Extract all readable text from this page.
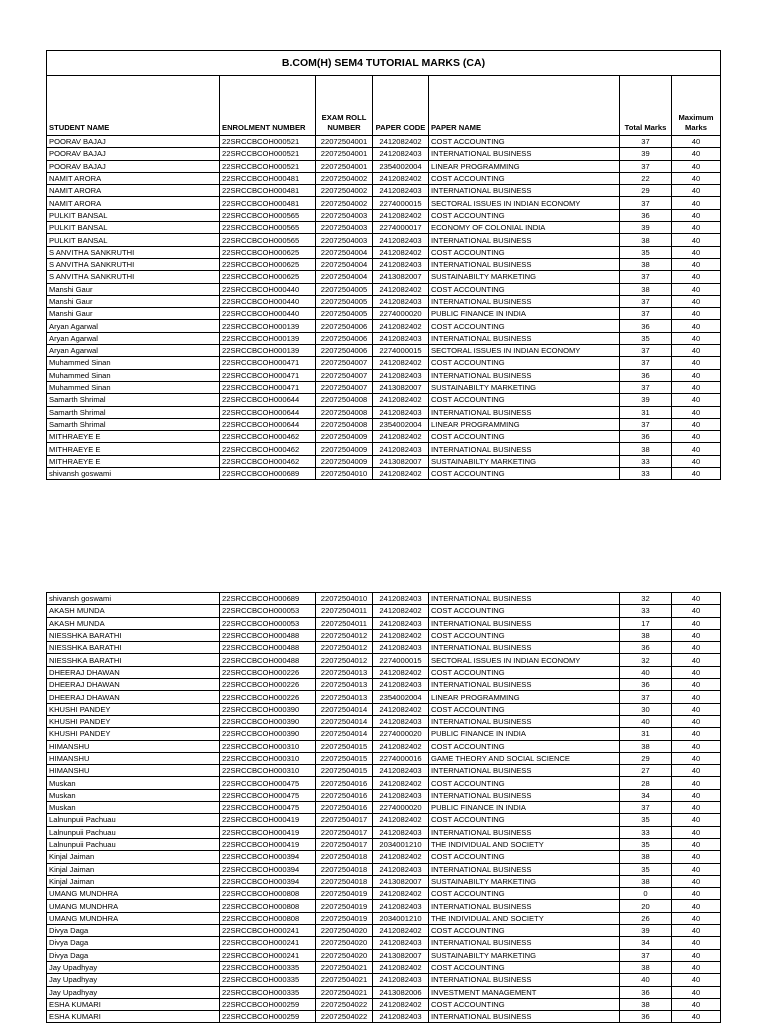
B.COM(H) SEM4 TUTORIAL MARKS (CA)						
STUDENT NAME	ENROLMENT NUMBER	EXAM ROLL NUMBER	PAPER CODE	PAPER NAME	Total Marks	Maximum Marks
POORAV BAJAJ	22SRCCBCOH000521	22072504001	2412082402	COST ACCOUNTING	37	40
POORAV BAJAJ	22SRCCBCOH000521	22072504001	2412082403	INTERNATIONAL BUSINESS	39	40
POORAV BAJAJ	22SRCCBCOH000521	22072504001	2354002004	LINEAR PROGRAMMING	37	40
NAMIT ARORA	22SRCCBCOH000481	22072504002	2412082402	COST ACCOUNTING	22	40
NAMIT ARORA	22SRCCBCOH000481	22072504002	2412082403	INTERNATIONAL BUSINESS	29	40
NAMIT ARORA	22SRCCBCOH000481	22072504002	2274000015	SECTORAL ISSUES IN INDIAN ECONOMY	37	40
PULKIT BANSAL	22SRCCBCOH000565	22072504003	2412082402	COST ACCOUNTING	36	40
PULKIT BANSAL	22SRCCBCOH000565	22072504003	2274000017	ECONOMY OF COLONIAL INDIA	39	40
PULKIT BANSAL	22SRCCBCOH000565	22072504003	2412082403	INTERNATIONAL BUSINESS	38	40
S ANVITHA SANKRUTHI	22SRCCBCOH000625	22072504004	2412082402	COST ACCOUNTING	35	40
S ANVITHA SANKRUTHI	22SRCCBCOH000625	22072504004	2412082403	INTERNATIONAL BUSINESS	38	40
S ANVITHA SANKRUTHI	22SRCCBCOH000625	22072504004	2413082007	SUSTAINABILTY MARKETING	37	40
Manshi Gaur	22SRCCBCOH000440	22072504005	2412082402	COST ACCOUNTING	38	40
Manshi Gaur	22SRCCBCOH000440	22072504005	2412082403	INTERNATIONAL BUSINESS	37	40
Manshi Gaur	22SRCCBCOH000440	22072504005	2274000020	PUBLIC FINANCE IN INDIA	37	40
Aryan Agarwal	22SRCCBCOH000139	22072504006	2412082402	COST ACCOUNTING	36	40
Aryan Agarwal	22SRCCBCOH000139	22072504006	2412082403	INTERNATIONAL BUSINESS	35	40
Aryan Agarwal	22SRCCBCOH000139	22072504006	2274000015	SECTORAL ISSUES IN INDIAN ECONOMY	37	40
Muhammed Sinan	22SRCCBCOH000471	22072504007	2412082402	COST ACCOUNTING	37	40
Muhammed Sinan	22SRCCBCOH000471	22072504007	2412082403	INTERNATIONAL BUSINESS	36	40
Muhammed Sinan	22SRCCBCOH000471	22072504007	2413082007	SUSTAINABILTY MARKETING	37	40
Samarth Shrimal	22SRCCBCOH000644	22072504008	2412082402	COST ACCOUNTING	39	40
Samarth Shrimal	22SRCCBCOH000644	22072504008	2412082403	INTERNATIONAL BUSINESS	31	40
Samarth Shrimal	22SRCCBCOH000644	22072504008	2354002004	LINEAR PROGRAMMING	37	40
MITHRAEYE E	22SRCCBCOH000462	22072504009	2412082402	COST ACCOUNTING	36	40
MITHRAEYE E	22SRCCBCOH000462	22072504009	2412082403	INTERNATIONAL BUSINESS	38	40
MITHRAEYE E	22SRCCBCOH000462	22072504009	2413082007	SUSTAINABILTY MARKETING	33	40
shivansh goswami	22SRCCBCOH000689	22072504010	2412082402	COST ACCOUNTING	33	40
shivansh goswami	22SRCCBCOH000689	22072504010	2412082403	INTERNATIONAL BUSINESS	32	40
AKASH MUNDA	22SRCCBCOH000053	22072504011	2412082402	COST ACCOUNTING	33	40
AKASH MUNDA	22SRCCBCOH000053	22072504011	2412082403	INTERNATIONAL BUSINESS	17	40
NIESSHKA BARATHI	22SRCCBCOH000488	22072504012	2412082402	COST ACCOUNTING	38	40
NIESSHKA BARATHI	22SRCCBCOH000488	22072504012	2412082403	INTERNATIONAL BUSINESS	36	40
NIESSHKA BARATHI	22SRCCBCOH000488	22072504012	2274000015	SECTORAL ISSUES IN INDIAN ECONOMY	32	40
DHEERAJ DHAWAN	22SRCCBCOH000226	22072504013	2412082402	COST ACCOUNTING	40	40
DHEERAJ DHAWAN	22SRCCBCOH000226	22072504013	2412082403	INTERNATIONAL BUSINESS	36	40
DHEERAJ DHAWAN	22SRCCBCOH000226	22072504013	2354002004	LINEAR PROGRAMMING	37	40
KHUSHI PANDEY	22SRCCBCOH000390	22072504014	2412082402	COST ACCOUNTING	30	40
KHUSHI PANDEY	22SRCCBCOH000390	22072504014	2412082403	INTERNATIONAL BUSINESS	40	40
KHUSHI PANDEY	22SRCCBCOH000390	22072504014	2274000020	PUBLIC FINANCE IN INDIA	31	40
HIMANSHU	22SRCCBCOH000310	22072504015	2412082402	COST ACCOUNTING	38	40
HIMANSHU	22SRCCBCOH000310	22072504015	2274000016	GAME THEORY AND SOCIAL SCIENCE	29	40
HIMANSHU	22SRCCBCOH000310	22072504015	2412082403	INTERNATIONAL BUSINESS	27	40
Muskan	22SRCCBCOH000475	22072504016	2412082402	COST ACCOUNTING	28	40
Muskan	22SRCCBCOH000475	22072504016	2412082403	INTERNATIONAL BUSINESS	34	40
Muskan	22SRCCBCOH000475	22072504016	2274000020	PUBLIC FINANCE IN INDIA	37	40
Lalnunpuii Pachuau	22SRCCBCOH000419	22072504017	2412082402	COST ACCOUNTING	35	40
Lalnunpuii Pachuau	22SRCCBCOH000419	22072504017	2412082403	INTERNATIONAL BUSINESS	33	40
Lalnunpuii Pachuau	22SRCCBCOH000419	22072504017	2034001210	THE INDIVIDUAL AND SOCIETY	35	40
Kinjal Jaiman	22SRCCBCOH000394	22072504018	2412082402	COST ACCOUNTING	38	40
Kinjal Jaiman	22SRCCBCOH000394	22072504018	2412082403	INTERNATIONAL BUSINESS	35	40
Kinjal Jaiman	22SRCCBCOH000394	22072504018	2413082007	SUSTAINABILTY MARKETING	38	40
UMANG MUNDHRA	22SRCCBCOH000808	22072504019	2412082402	COST ACCOUNTING	0	40
UMANG MUNDHRA	22SRCCBCOH000808	22072504019	2412082403	INTERNATIONAL BUSINESS	20	40
UMANG MUNDHRA	22SRCCBCOH000808	22072504019	2034001210	THE INDIVIDUAL AND SOCIETY	26	40
Divya Daga	22SRCCBCOH000241	22072504020	2412082402	COST ACCOUNTING	39	40
Divya Daga	22SRCCBCOH000241	22072504020	2412082403	INTERNATIONAL BUSINESS	34	40
Divya Daga	22SRCCBCOH000241	22072504020	2413082007	SUSTAINABILTY MARKETING	37	40
Jay Upadhyay	22SRCCBCOH000335	22072504021	2412082402	COST ACCOUNTING	38	40
Jay Upadhyay	22SRCCBCOH000335	22072504021	2412082403	INTERNATIONAL BUSINESS	40	40
Jay Upadhyay	22SRCCBCOH000335	22072504021	2413082006	INVESTMENT MANAGEMENT	36	40
ESHA KUMARI	22SRCCBCOH000259	22072504022	2412082402	COST ACCOUNTING	38	40
ESHA KUMARI	22SRCCBCOH000259	22072504022	2412082403	INTERNATIONAL BUSINESS	36	40
